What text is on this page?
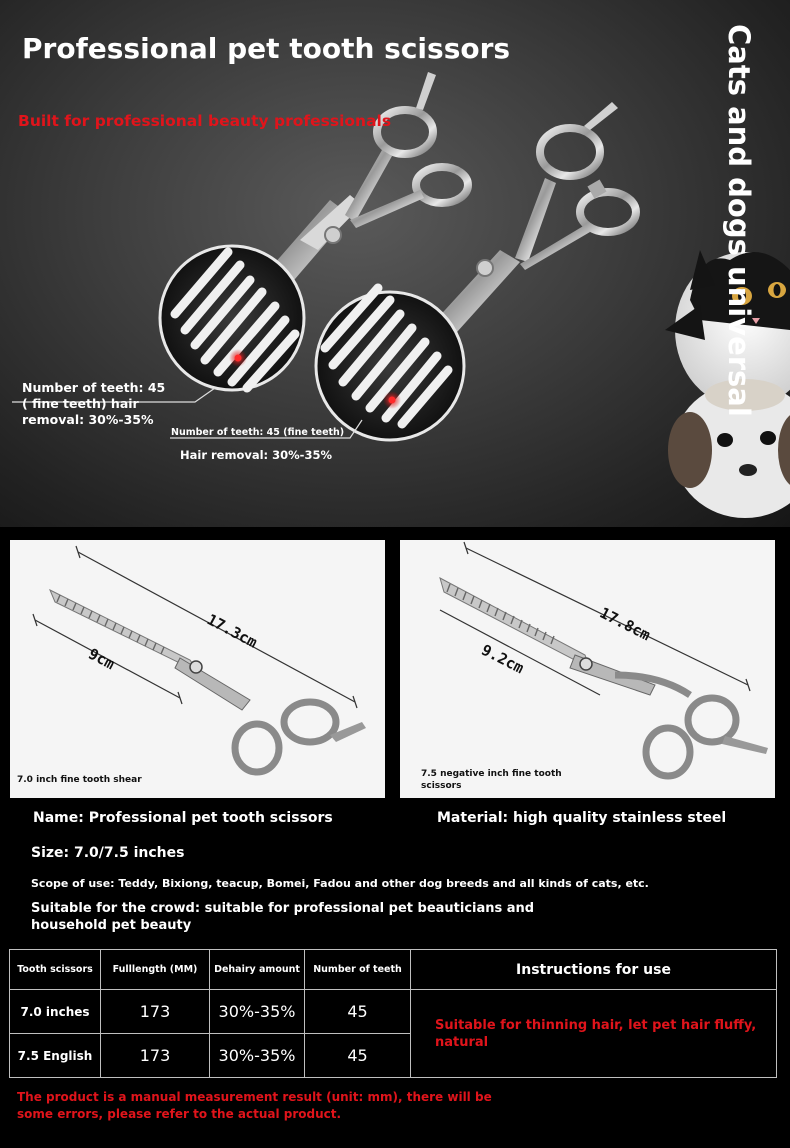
Professional pet tooth scissors
Built for professional beauty professionals	Cats and dogs universal
Number of teeth: 45 ( fine teeth) hair removal: 30%-35%
Number of teeth: 45 (fine teeth)
Hair removal: 30%-35%
7.0 inch fine tooth shear
17.3cm
9cm
7.5 negative inch fine tooth scissors
17.8cm
9.2cm
Name: Professional pet tooth scissors	Material: high quality stainless steel
Size: 7.0/7.5 inches
Scope of use: Teddy, Bixiong, teacup, Bomei, Fadou and other dog breeds and all kinds of cats, etc.
Suitable for the crowd: suitable for professional pet beauticians and household pet beauty
Tooth scissors	Fulllength (MM)	Dehairy amount	Number of teeth	Instructions for use
7.0 inches	173	30%-35%	45	Suitable for thinning hair, let pet hair fluffy, natural
7.5 English	173	30%-35%	45	
The product is a manual measurement result (unit: mm), there will be some errors, please refer to the actual product.
